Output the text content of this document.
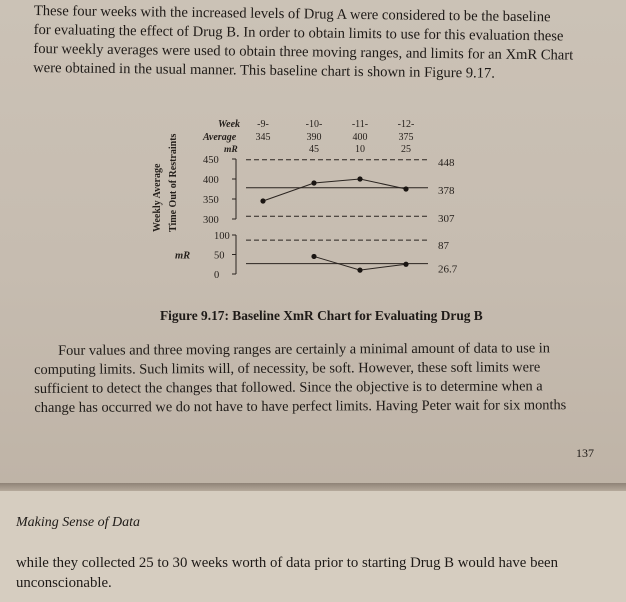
These four weeks with the increased levels of Drug A were considered to be the baseline
for evaluating the effect of Drug B. In order to obtain limits to use for this evaluation these
four weekly averages were used to obtain three moving ranges, and limits for an XmR Chart
were obtained in the usual manner. This baseline chart is shown in Figure 9.17.
Weekly Average
Week
Average
mR
-9-
345
-10-
390
45
-11-
400
10
-12-
375
25
450
400
350
300
448
378
307
100
50
0
mR
87
26.7
Time Out of Restraints
Figure 9.17: Baseline XmR Chart for Evaluating Drug B
Four values and three moving ranges are certainly a minimal amount of data to use in
computing limits. Such limits will, of necessity, be soft. However, these soft limits were
sufficient to detect the changes that followed. Since the objective is to determine when a
change has occurred we do not have to have perfect limits. Having Peter wait for six months
137
Making Sense of Data
while they collected 25 to 30 weeks worth of data prior to starting Drug B would have been
unconscionable.
